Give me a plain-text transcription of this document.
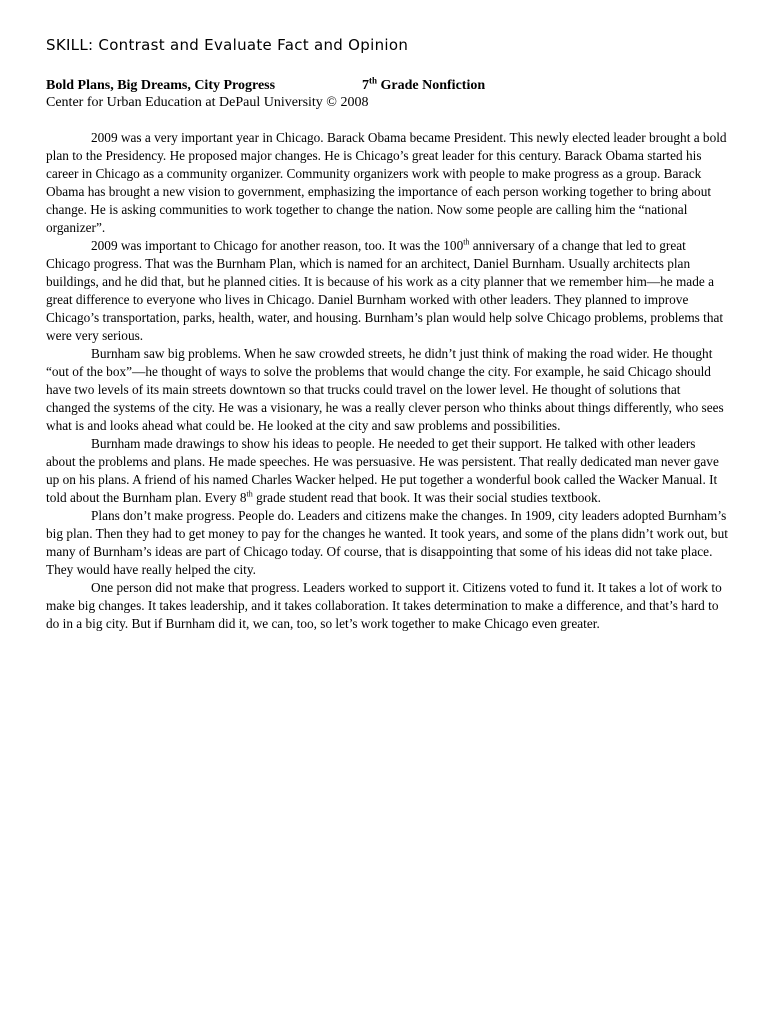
SKILL: Contrast and Evaluate Fact and Opinion
Bold Plans, Big Dreams, City Progress	7th Grade Nonfiction
Center for Urban Education at DePaul University © 2008

2009 was a very important year in Chicago. Barack Obama became President. This newly elected leader brought a bold plan to the Presidency. He proposed major changes. He is Chicago’s great leader for this century. Barack Obama started his career in Chicago as a community organizer. Community organizers work with people to make progress as a group. Barack Obama has brought a new vision to government, emphasizing the importance of each person working together to bring about change. He is asking communities to work together to change the nation. Now some people are calling him the “national organizer”.

2009 was important to Chicago for another reason, too. It was the 100th anniversary of a change that led to great Chicago progress. That was the Burnham Plan, which is named for an architect, Daniel Burnham. Usually architects plan buildings, and he did that, but he planned cities. It is because of his work as a city planner that we remember him—he made a great difference to everyone who lives in Chicago. Daniel Burnham worked with other leaders. They planned to improve Chicago’s transportation, parks, health, water, and housing. Burnham’s plan would help solve Chicago problems, problems that were very serious.

Burnham saw big problems. When he saw crowded streets, he didn’t just think of making the road wider. He thought “out of the box”—he thought of ways to solve the problems that would change the city. For example, he said Chicago should have two levels of its main streets downtown so that trucks could travel on the lower level. He thought of solutions that changed the systems of the city. He was a visionary, he was a really clever person who thinks about things differently, who sees what is and looks ahead what could be. He looked at the city and saw problems and possibilities.

Burnham made drawings to show his ideas to people. He needed to get their support. He talked with other leaders about the problems and plans. He made speeches. He was persuasive. He was persistent. That really dedicated man never gave up on his plans. A friend of his named Charles Wacker helped. He put together a wonderful book called the Wacker Manual. It told about the Burnham plan. Every 8th grade student read that book. It was their social studies textbook.

Plans don’t make progress. People do. Leaders and citizens make the changes. In 1909, city leaders adopted Burnham’s big plan. Then they had to get money to pay for the changes he wanted. It took years, and some of the plans didn’t work out, but many of Burnham’s ideas are part of Chicago today. Of course, that is disappointing that some of his ideas did not take place. They would have really helped the city.

One person did not make that progress. Leaders worked to support it. Citizens voted to fund it. It takes a lot of work to make big changes. It takes leadership, and it takes collaboration. It takes determination to make a difference, and that’s hard to do in a big city. But if Burnham did it, we can, too, so let’s work together to make Chicago even greater.
